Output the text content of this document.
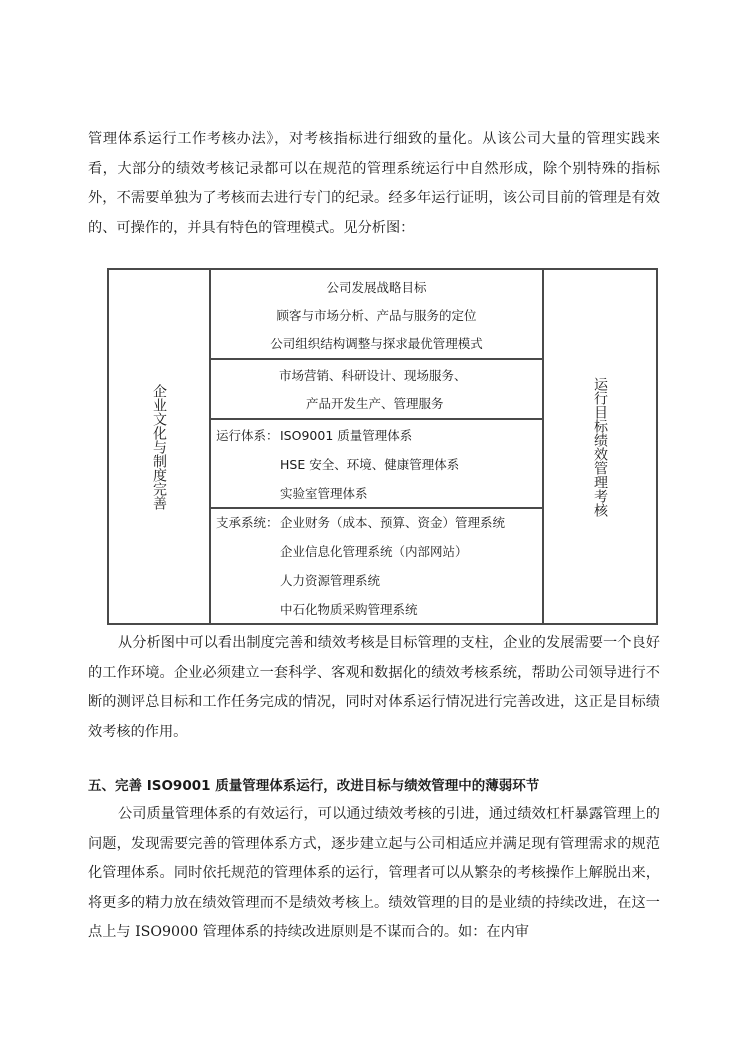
管理体系运行工作考核办法》，对考核指标进行细致的量化。从该公司大量的管理实践来看，大部分的绩效考核记录都可以在规范的管理系统运行中自然形成，除个别特殊的指标外，不需要单独为了考核而去进行专门的纪录。经多年运行证明，该公司目前的管理是有效的、可操作的，并具有特色的管理模式。见分析图：

企业文化与制度完善
公司发展战略目标
顾客与市场分析、产品与服务的定位
公司组织结构调整与探求最优管理模式
市场营销、科研设计、现场服务、
产品开发生产、管理服务
运行体系： ISO9001 质量管理体系
HSE 安全、环境、健康管理体系
实验室管理体系
支承系统： 企业财务（成本、预算、资金）管理系统
企业信息化管理系统（内部网站）
人力资源管理系统
中石化物质采购管理系统
运行目标绩效管理考核

从分析图中可以看出制度完善和绩效考核是目标管理的支柱，企业的发展需要一个良好的工作环境。企业必须建立一套科学、客观和数据化的绩效考核系统，帮助公司领导进行不断的测评总目标和工作任务完成的情况，同时对体系运行情况进行完善改进，这正是目标绩效考核的作用。

五、完善 ISO9001 质量管理体系运行，改进目标与绩效管理中的薄弱环节

公司质量管理体系的有效运行，可以通过绩效考核的引进，通过绩效杠杆暴露管理上的问题，发现需要完善的管理体系方式，逐步建立起与公司相适应并满足现有管理需求的规范化管理体系。同时依托规范的管理体系的运行，管理者可以从繁杂的考核操作上解脱出来，将更多的精力放在绩效管理而不是绩效考核上。绩效管理的目的是业绩的持续改进，在这一点上与 ISO9000 管理体系的持续改进原则是不谋而合的。如：在内审
